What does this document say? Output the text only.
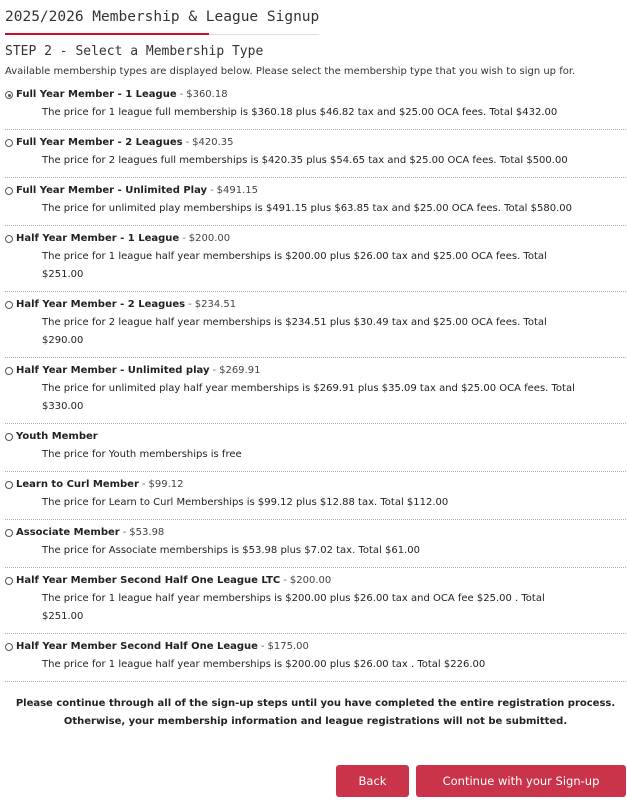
2025/2026 Membership & League Signup
STEP 2 - Select a Membership Type
Available membership types are displayed below. Please select the membership type that you wish to sign up for.
Full Year Member - 1 League - $360.18
The price for 1 league full membership is $360.18 plus $46.82 tax and $25.00 OCA fees. Total $432.00
Full Year Member - 2 Leagues - $420.35
The price for 2 leagues full memberships is $420.35 plus $54.65 tax and $25.00 OCA fees. Total $500.00
Full Year Member - Unlimited Play - $491.15
The price for unlimited play memberships is $491.15 plus $63.85 tax and $25.00 OCA fees. Total $580.00
Half Year Member - 1 League - $200.00
The price for 1 league half year memberships is $200.00 plus $26.00 tax and $25.00 OCA fees. Total $251.00
Half Year Member - 2 Leagues - $234.51
The price for 2 league half year memberships is $234.51 plus $30.49 tax and $25.00 OCA fees. Total $290.00
Half Year Member - Unlimited play - $269.91
The price for unlimited play half year memberships is $269.91 plus $35.09 tax and $25.00 OCA fees. Total $330.00
Youth Member
The price for Youth memberships is free
Learn to Curl Member - $99.12
The price for Learn to Curl Memberships is $99.12 plus $12.88 tax. Total $112.00
Associate Member - $53.98
The price for Associate memberships is $53.98 plus $7.02 tax. Total $61.00
Half Year Member Second Half One League LTC - $200.00
The price for 1 league half year memberships is $200.00 plus $26.00 tax and OCA fee $25.00 . Total $251.00
Half Year Member Second Half One League - $175.00
The price for 1 league half year memberships is $200.00 plus $26.00 tax . Total $226.00
Please continue through all of the sign-up steps until you have completed the entire registration process.
Otherwise, your membership information and league registrations will not be submitted.
Back	Continue with your Sign-up
